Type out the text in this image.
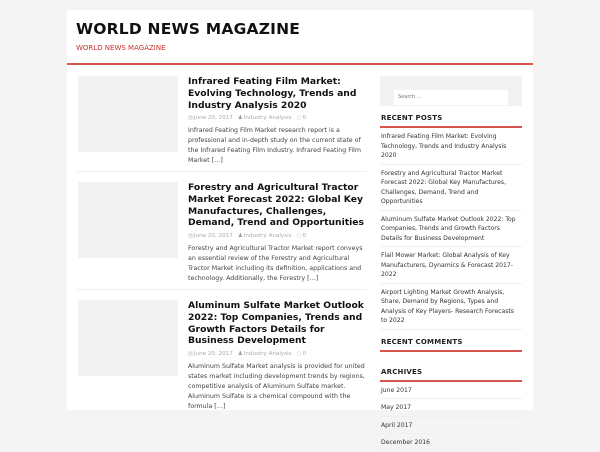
WORLD NEWS MAGAZINE
WORLD NEWS MAGAZINE
Infrared Feating Film Market: Evolving Technology, Trends and Industry Analysis 2020
◷June 20, 2017 ♟Industry Analysis ◌0
Infrared Feating Film Market research report is a professional and in-depth study on the current state of the Infrared Feating Film Industry. Infrared Feating Film Market […]
Forestry and Agricultural Tractor Market Forecast 2022: Global Key Manufactures, Challenges, Demand, Trend and Opportunities
◷June 20, 2017 ♟Industry Analysis ◌0
Forestry and Agricultural Tractor Market report conveys an essential review of the Forestry and Agricultural Tractor Market including its definition, applications and technology. Additionally, the Forestry […]
Aluminum Sulfate Market Outlook 2022: Top Companies, Trends and Growth Factors Details for Business Development
◷June 20, 2017 ♟Industry Analysis ◌0
Aluminum Sulfate Market analysis is provided for united states market including development trends by regions, competitive analysis of Aluminum Sulfate market. Aluminum Sulfate is a chemical compound with the formula […]
Search ...
RECENT POSTS
Infrared Feating Film Market: Evolving Technology, Trends and Industry Analysis 2020
Forestry and Agricultural Tractor Market Forecast 2022: Global Key Manufactures, Challenges, Demand, Trend and Opportunities
Aluminum Sulfate Market Outlook 2022: Top Companies, Trends and Growth Factors Details for Business Development
Flail Mower Market: Global Analysis of Key Manufacturers, Dynamics & Forecast 2017-2022
Airport Lighting Market Growth Analysis, Share, Demand by Regions, Types and Analysis of Key Players- Research Forecasts to 2022
RECENT COMMENTS
ARCHIVES
June 2017
May 2017
April 2017
December 2016
